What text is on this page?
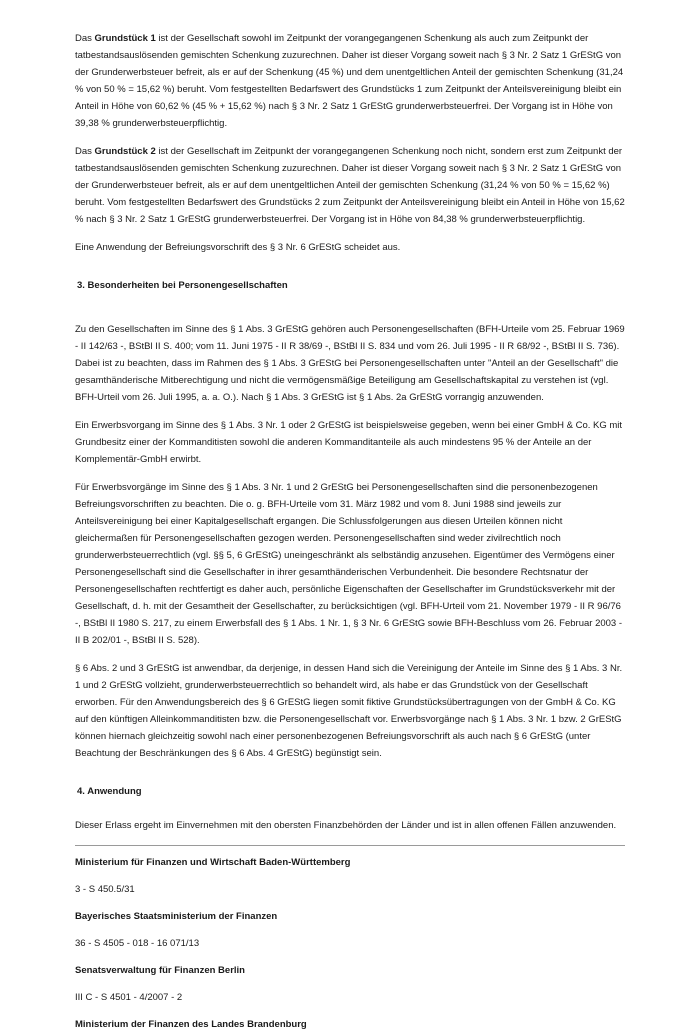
Das Grundstück 1 ist der Gesellschaft sowohl im Zeitpunkt der vorangegangenen Schenkung als auch zum Zeitpunkt der tatbestandsauslösenden gemischten Schenkung zuzurechnen. Daher ist dieser Vorgang soweit nach § 3 Nr. 2 Satz 1 GrEStG von der Grunderwerbsteuer befreit, als er auf der Schenkung (45 %) und dem unentgeltlichen Anteil der gemischten Schenkung (31,24 % von 50 % = 15,62 %) beruht. Vom festgestellten Bedarfswert des Grundstücks 1 zum Zeitpunkt der Anteilsvereinigung bleibt ein Anteil in Höhe von 60,62 % (45 % + 15,62 %) nach § 3 Nr. 2 Satz 1 GrEStG grunderwerbsteuerfrei. Der Vorgang ist in Höhe von 39,38 % grunderwerbsteuerpflichtig.

Das Grundstück 2 ist der Gesellschaft im Zeitpunkt der vorangegangenen Schenkung noch nicht, sondern erst zum Zeitpunkt der tatbestandsauslösenden gemischten Schenkung zuzurechnen. Daher ist dieser Vorgang soweit nach § 3 Nr. 2 Satz 1 GrEStG von der Grunderwerbsteuer befreit, als er auf dem unentgeltlichen Anteil der gemischten Schenkung (31,24 % von 50 % = 15,62 %) beruht. Vom festgestellten Bedarfswert des Grundstücks 2 zum Zeitpunkt der Anteilsvereinigung bleibt ein Anteil in Höhe von 15,62 % nach § 3 Nr. 2 Satz 1 GrEStG grunderwerbsteuerfrei. Der Vorgang ist in Höhe von 84,38 % grunderwerbsteuerpflichtig.

Eine Anwendung der Befreiungsvorschrift des § 3 Nr. 6 GrEStG scheidet aus.

3. Besonderheiten bei Personengesellschaften

Zu den Gesellschaften im Sinne des § 1 Abs. 3 GrEStG gehören auch Personengesellschaften (BFH-Urteile vom 25. Februar 1969 - II 142/63 -, BStBl II S. 400; vom 11. Juni 1975 - II R 38/69 -, BStBl II S. 834 und vom 26. Juli 1995 - II R 68/92 -, BStBl II S. 736). Dabei ist zu beachten, dass im Rahmen des § 1 Abs. 3 GrEStG bei Personengesellschaften unter "Anteil an der Gesellschaft" die gesamthänderische Mitberechtigung und nicht die vermögensmäßige Beteiligung am Gesellschaftskapital zu verstehen ist (vgl. BFH-Urteil vom 26. Juli 1995, a. a. O.). Nach § 1 Abs. 3 GrEStG ist § 1 Abs. 2a GrEStG vorrangig anzuwenden.

Ein Erwerbsvorgang im Sinne des § 1 Abs. 3 Nr. 1 oder 2 GrEStG ist beispielsweise gegeben, wenn bei einer GmbH & Co. KG mit Grundbesitz einer der Kommanditisten sowohl die anderen Kommanditanteile als auch mindestens 95 % der Anteile an der Komplementär-GmbH erwirbt.

Für Erwerbsvorgänge im Sinne des § 1 Abs. 3 Nr. 1 und 2 GrEStG bei Personengesellschaften sind die personenbezogenen Befreiungsvorschriften zu beachten. Die o. g. BFH-Urteile vom 31. März 1982 und vom 8. Juni 1988 sind jeweils zur Anteilsvereinigung bei einer Kapitalgesellschaft ergangen. Die Schlussfolgerungen aus diesen Urteilen können nicht gleichermaßen für Personengesellschaften gezogen werden. Personengesellschaften sind weder zivilrechtlich noch grunderwerbsteuerrechtlich (vgl. §§ 5, 6 GrEStG) uneingeschränkt als selbständig anzusehen. Eigentümer des Vermögens einer Personengesellschaft sind die Gesellschafter in ihrer gesamthänderischen Verbundenheit. Die besondere Rechtsnatur der Personengesellschaften rechtfertigt es daher auch, persönliche Eigenschaften der Gesellschafter im Grundstücksverkehr mit der Gesellschaft, d. h. mit der Gesamtheit der Gesellschafter, zu berücksichtigen (vgl. BFH-Urteil vom 21. November 1979 - II R 96/76 -, BStBl II 1980 S. 217, zu einem Erwerbsfall des § 1 Abs. 1 Nr. 1, § 3 Nr. 6 GrEStG sowie BFH-Beschluss vom 26. Februar 2003 - II B 202/01 -, BStBl II S. 528).

§ 6 Abs. 2 und 3 GrEStG ist anwendbar, da derjenige, in dessen Hand sich die Vereinigung der Anteile im Sinne des § 1 Abs. 3 Nr. 1 und 2 GrEStG vollzieht, grunderwerbsteuerrechtlich so behandelt wird, als habe er das Grundstück von der Gesellschaft erworben. Für den Anwendungsbereich des § 6 GrEStG liegen somit fiktive Grundstücksübertragungen von der GmbH & Co. KG auf den künftigen Alleinkommanditisten bzw. die Personengesellschaft vor. Erwerbsvorgänge nach § 1 Abs. 3 Nr. 1 bzw. 2 GrEStG können hiernach gleichzeitig sowohl nach einer personenbezogenen Befreiungsvorschrift als auch nach § 6 GrEStG (unter Beachtung der Beschränkungen des § 6 Abs. 4 GrEStG) begünstigt sein.

4. Anwendung

Dieser Erlass ergeht im Einvernehmen mit den obersten Finanzbehörden der Länder und ist in allen offenen Fällen anzuwenden.

Ministerium für Finanzen und Wirtschaft Baden-Württemberg
3 - S 450.5/31
Bayerisches Staatsministerium der Finanzen
36 - S 4505 - 018 - 16 071/13
Senatsverwaltung für Finanzen Berlin
III C - S 4501 - 4/2007 - 2
Ministerium der Finanzen des Landes Brandenburg
